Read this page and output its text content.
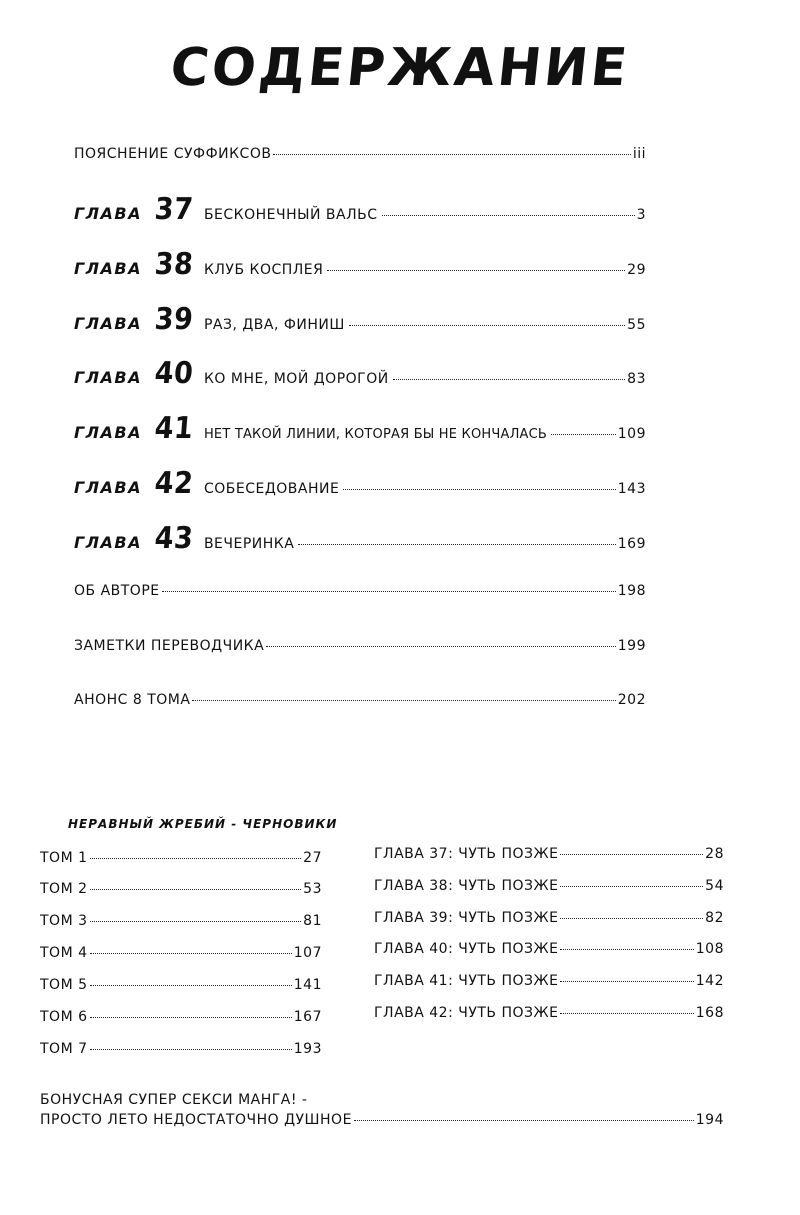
СОДЕРЖАНИЕ
ПОЯСНЕНИЕ СУФФИКСОВ	iii
ГЛАВА 37 БЕСКОНЕЧНЫЙ ВАЛЬС	3
ГЛАВА 38 КЛУБ КОСПЛЕЯ	29
ГЛАВА 39 РАЗ, ДВА, ФИНИШ	55
ГЛАВА 40 КО МНЕ, МОЙ ДОРОГОЙ	83
ГЛАВА 41 НЕТ ТАКОЙ ЛИНИИ, КОТОРАЯ БЫ НЕ КОНЧАЛАСЬ	109
ГЛАВА 42 СОБЕСЕДОВАНИЕ	143
ГЛАВА 43 ВЕЧЕРИНКА	169
ОБ АВТОРЕ	198
ЗАМЕТКИ ПЕРЕВОДЧИКА	199
АНОНС 8 ТОМА	202
НЕРАВНЫЙ ЖРЕБИЙ - ЧЕРНОВИКИ
ТОМ 1	27
ТОМ 2	53
ТОМ 3	81
ТОМ 4	107
ТОМ 5	141
ТОМ 6	167
ТОМ 7	193
ГЛАВА 37: ЧУТЬ ПОЗЖЕ	28
ГЛАВА 38: ЧУТЬ ПОЗЖЕ	54
ГЛАВА 39: ЧУТЬ ПОЗЖЕ	82
ГЛАВА 40: ЧУТЬ ПОЗЖЕ	108
ГЛАВА 41: ЧУТЬ ПОЗЖЕ	142
ГЛАВА 42: ЧУТЬ ПОЗЖЕ	168
БОНУСНАЯ СУПЕР СЕКСИ МАНГА! -
ПРОСТО ЛЕТО НЕДОСТАТОЧНО ДУШНОЕ	194
